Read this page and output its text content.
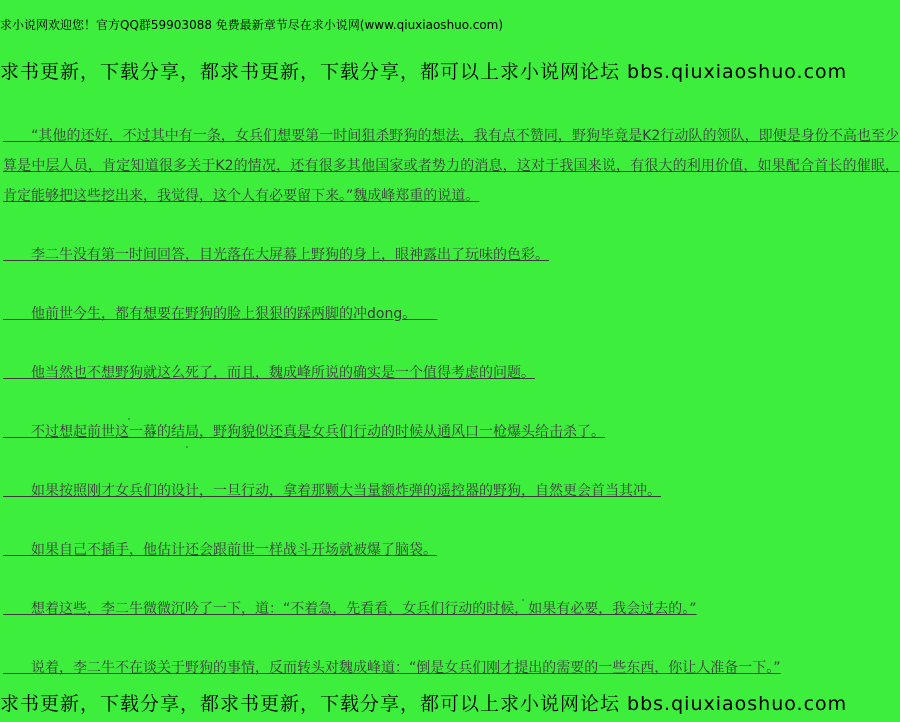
求小说网欢迎您！官方QQ群59903088 免费最新章节尽在求小说网(www.qiuxiaoshuo.com)
求书更新，下载分享，都求书更新，下载分享，都可以上求小说网论坛 bbs.qiuxiaoshuo.com

　　“其他的还好，不过其中有一条，女兵们想要第一时间狙杀野狗的想法，我有点不赞同，野狗毕竟是K2行动队的领队，即便是身份不高也至少算是中层人员，肯定知道很多关于K2的情况，还有很多其他国家或者势力的消息，这对于我国来说，有很大的利用价值，如果配合首长的催眠，肯定能够把这些挖出来，我觉得，这个人有必要留下来。”魏成峰郑重的说道。

　　李二牛没有第一时间回答，目光落在大屏幕上野狗的身上，眼神露出了玩味的色彩。

　　他前世今生，都有想要在野狗的脸上狠狠的踩两脚的冲dong。　　

　　他当然也不想野狗就这么死了，而且，魏成峰所说的确实是一个值得考虑的问题。

　　不过想起前世这一幕的结局，野狗貌似还真是女兵们行动的时候从通风口一枪爆头给击杀了。

　　如果按照刚才女兵们的设计，一旦行动，拿着那颗大当量额炸弹的遥控器的野狗，自然更会首当其冲。

　　如果自己不插手，他估计还会跟前世一样战斗开场就被爆了脑袋。

　　想着这些，李二牛微微沉吟了一下，道：“不着急，先看看，女兵们行动的时候，如果有必要，我会过去的。”

　　说着，李二牛不在谈关于野狗的事情，反而转头对魏成峰道：“倒是女兵们刚才提出的需要的一些东西，你让人准备一下。”

求书更新，下载分享，都求书更新，下载分享，都可以上求小说网论坛 bbs.qiuxiaoshuo.com
